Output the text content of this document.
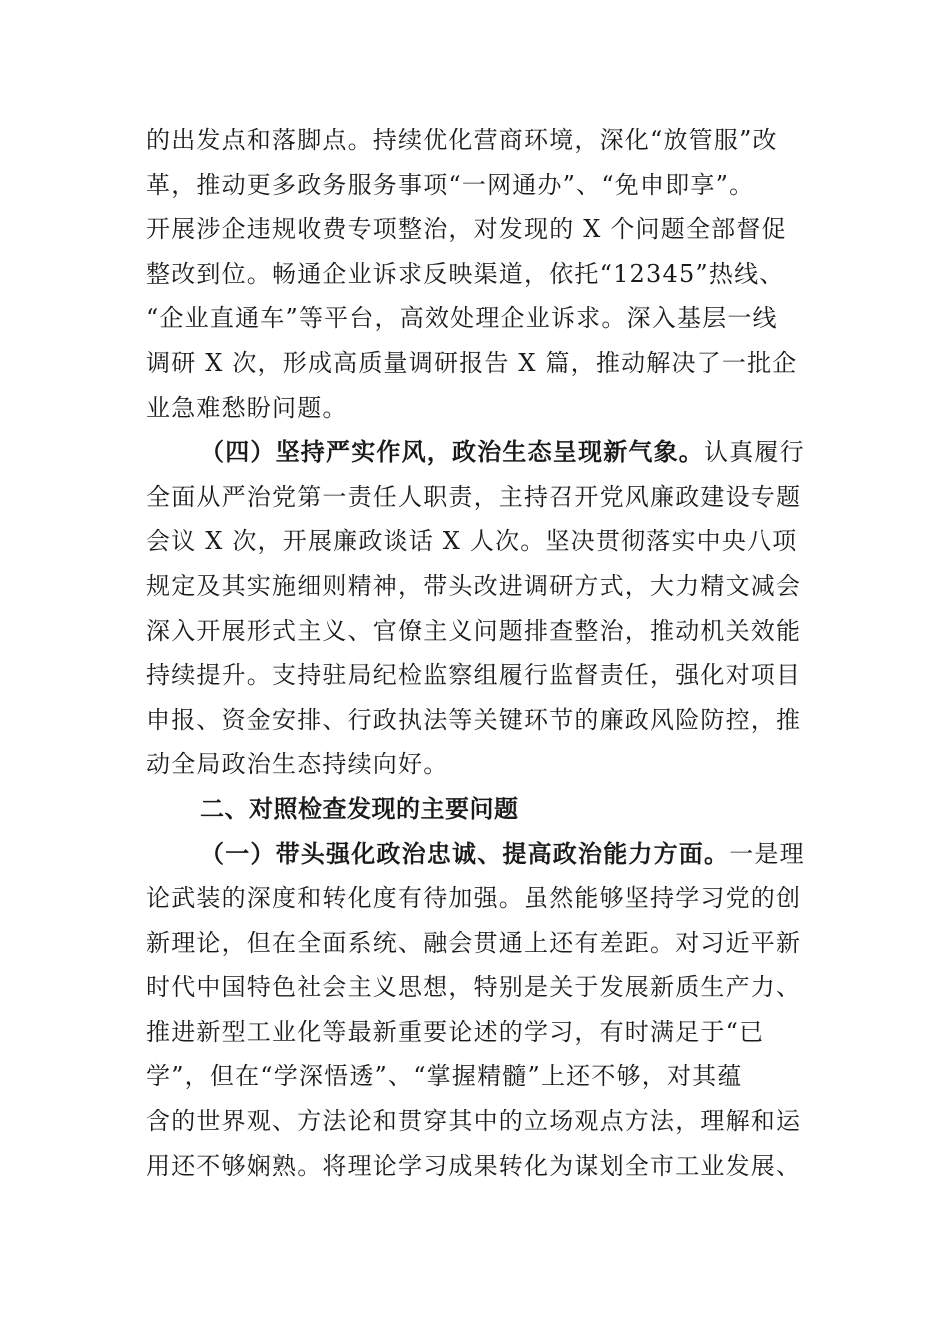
的出发点和落脚点。持续优化营商环境，深化“放管服”改
革，推动更多政务服务事项“一网通办”、“免申即享”。
开展涉企违规收费专项整治，对发现的 X 个问题全部督促
整改到位。畅通企业诉求反映渠道，依托“12345”热线、
“企业直通车”等平台，高效处理企业诉求。深入基层一线
调研 X 次，形成高质量调研报告 X 篇，推动解决了一批企
业急难愁盼问题。
（四）坚持严实作风，政治生态呈现新气象。认真履行
全面从严治党第一责任人职责，主持召开党风廉政建设专题
会议 X 次，开展廉政谈话 X 人次。坚决贯彻落实中央八项
规定及其实施细则精神，带头改进调研方式，大力精文减会
深入开展形式主义、官僚主义问题排查整治，推动机关效能
持续提升。支持驻局纪检监察组履行监督责任，强化对项目
申报、资金安排、行政执法等关键环节的廉政风险防控，推
动全局政治生态持续向好。
二、对照检查发现的主要问题
（一）带头强化政治忠诚、提高政治能力方面。一是理
论武装的深度和转化度有待加强。虽然能够坚持学习党的创
新理论，但在全面系统、融会贯通上还有差距。对习近平新
时代中国特色社会主义思想，特别是关于发展新质生产力、
推进新型工业化等最新重要论述的学习，有时满足于“已
学”，但在“学深悟透”、“掌握精髓”上还不够，对其蕴
含的世界观、方法论和贯穿其中的立场观点方法，理解和运
用还不够娴熟。将理论学习成果转化为谋划全市工业发展、
